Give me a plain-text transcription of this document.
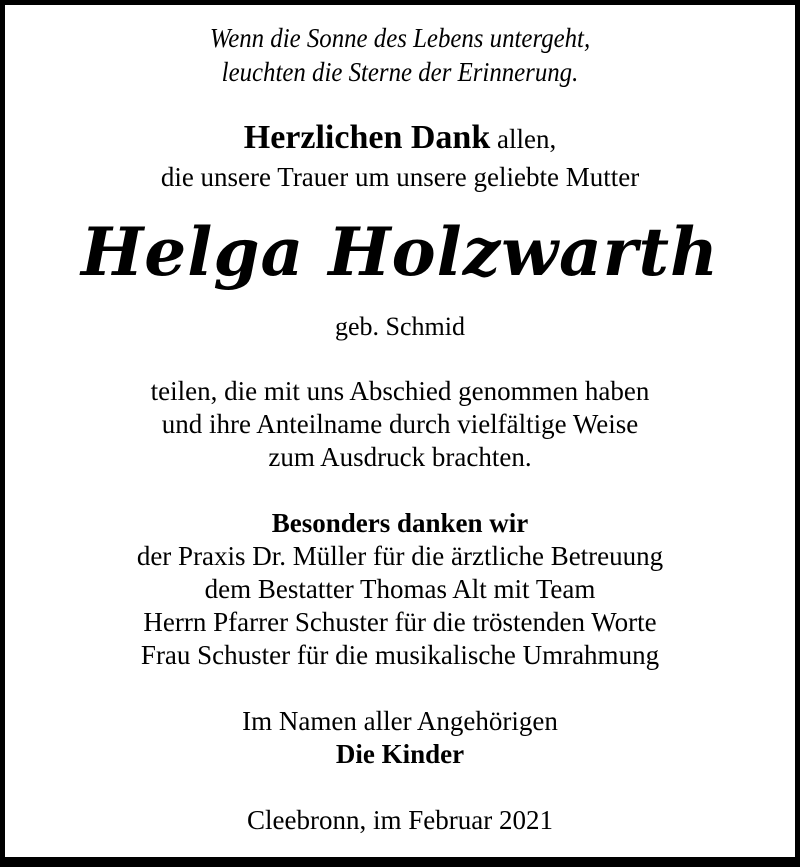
Wenn die Sonne des Lebens untergeht,
leuchten die Sterne der Erinnerung.
Herzlichen Dank allen,
die unsere Trauer um unsere geliebte Mutter
Helga Holzwarth
geb. Schmid
teilen, die mit uns Abschied genommen haben
und ihre Anteilname durch vielfältige Weise
zum Ausdruck brachten.
Besonders danken wir
der Praxis Dr. Müller für die ärztliche Betreuung
dem Bestatter Thomas Alt mit Team
Herrn Pfarrer Schuster für die tröstenden Worte
Frau Schuster für die musikalische Umrahmung
Im Namen aller Angehörigen
Die Kinder
Cleebronn, im Februar 2021
